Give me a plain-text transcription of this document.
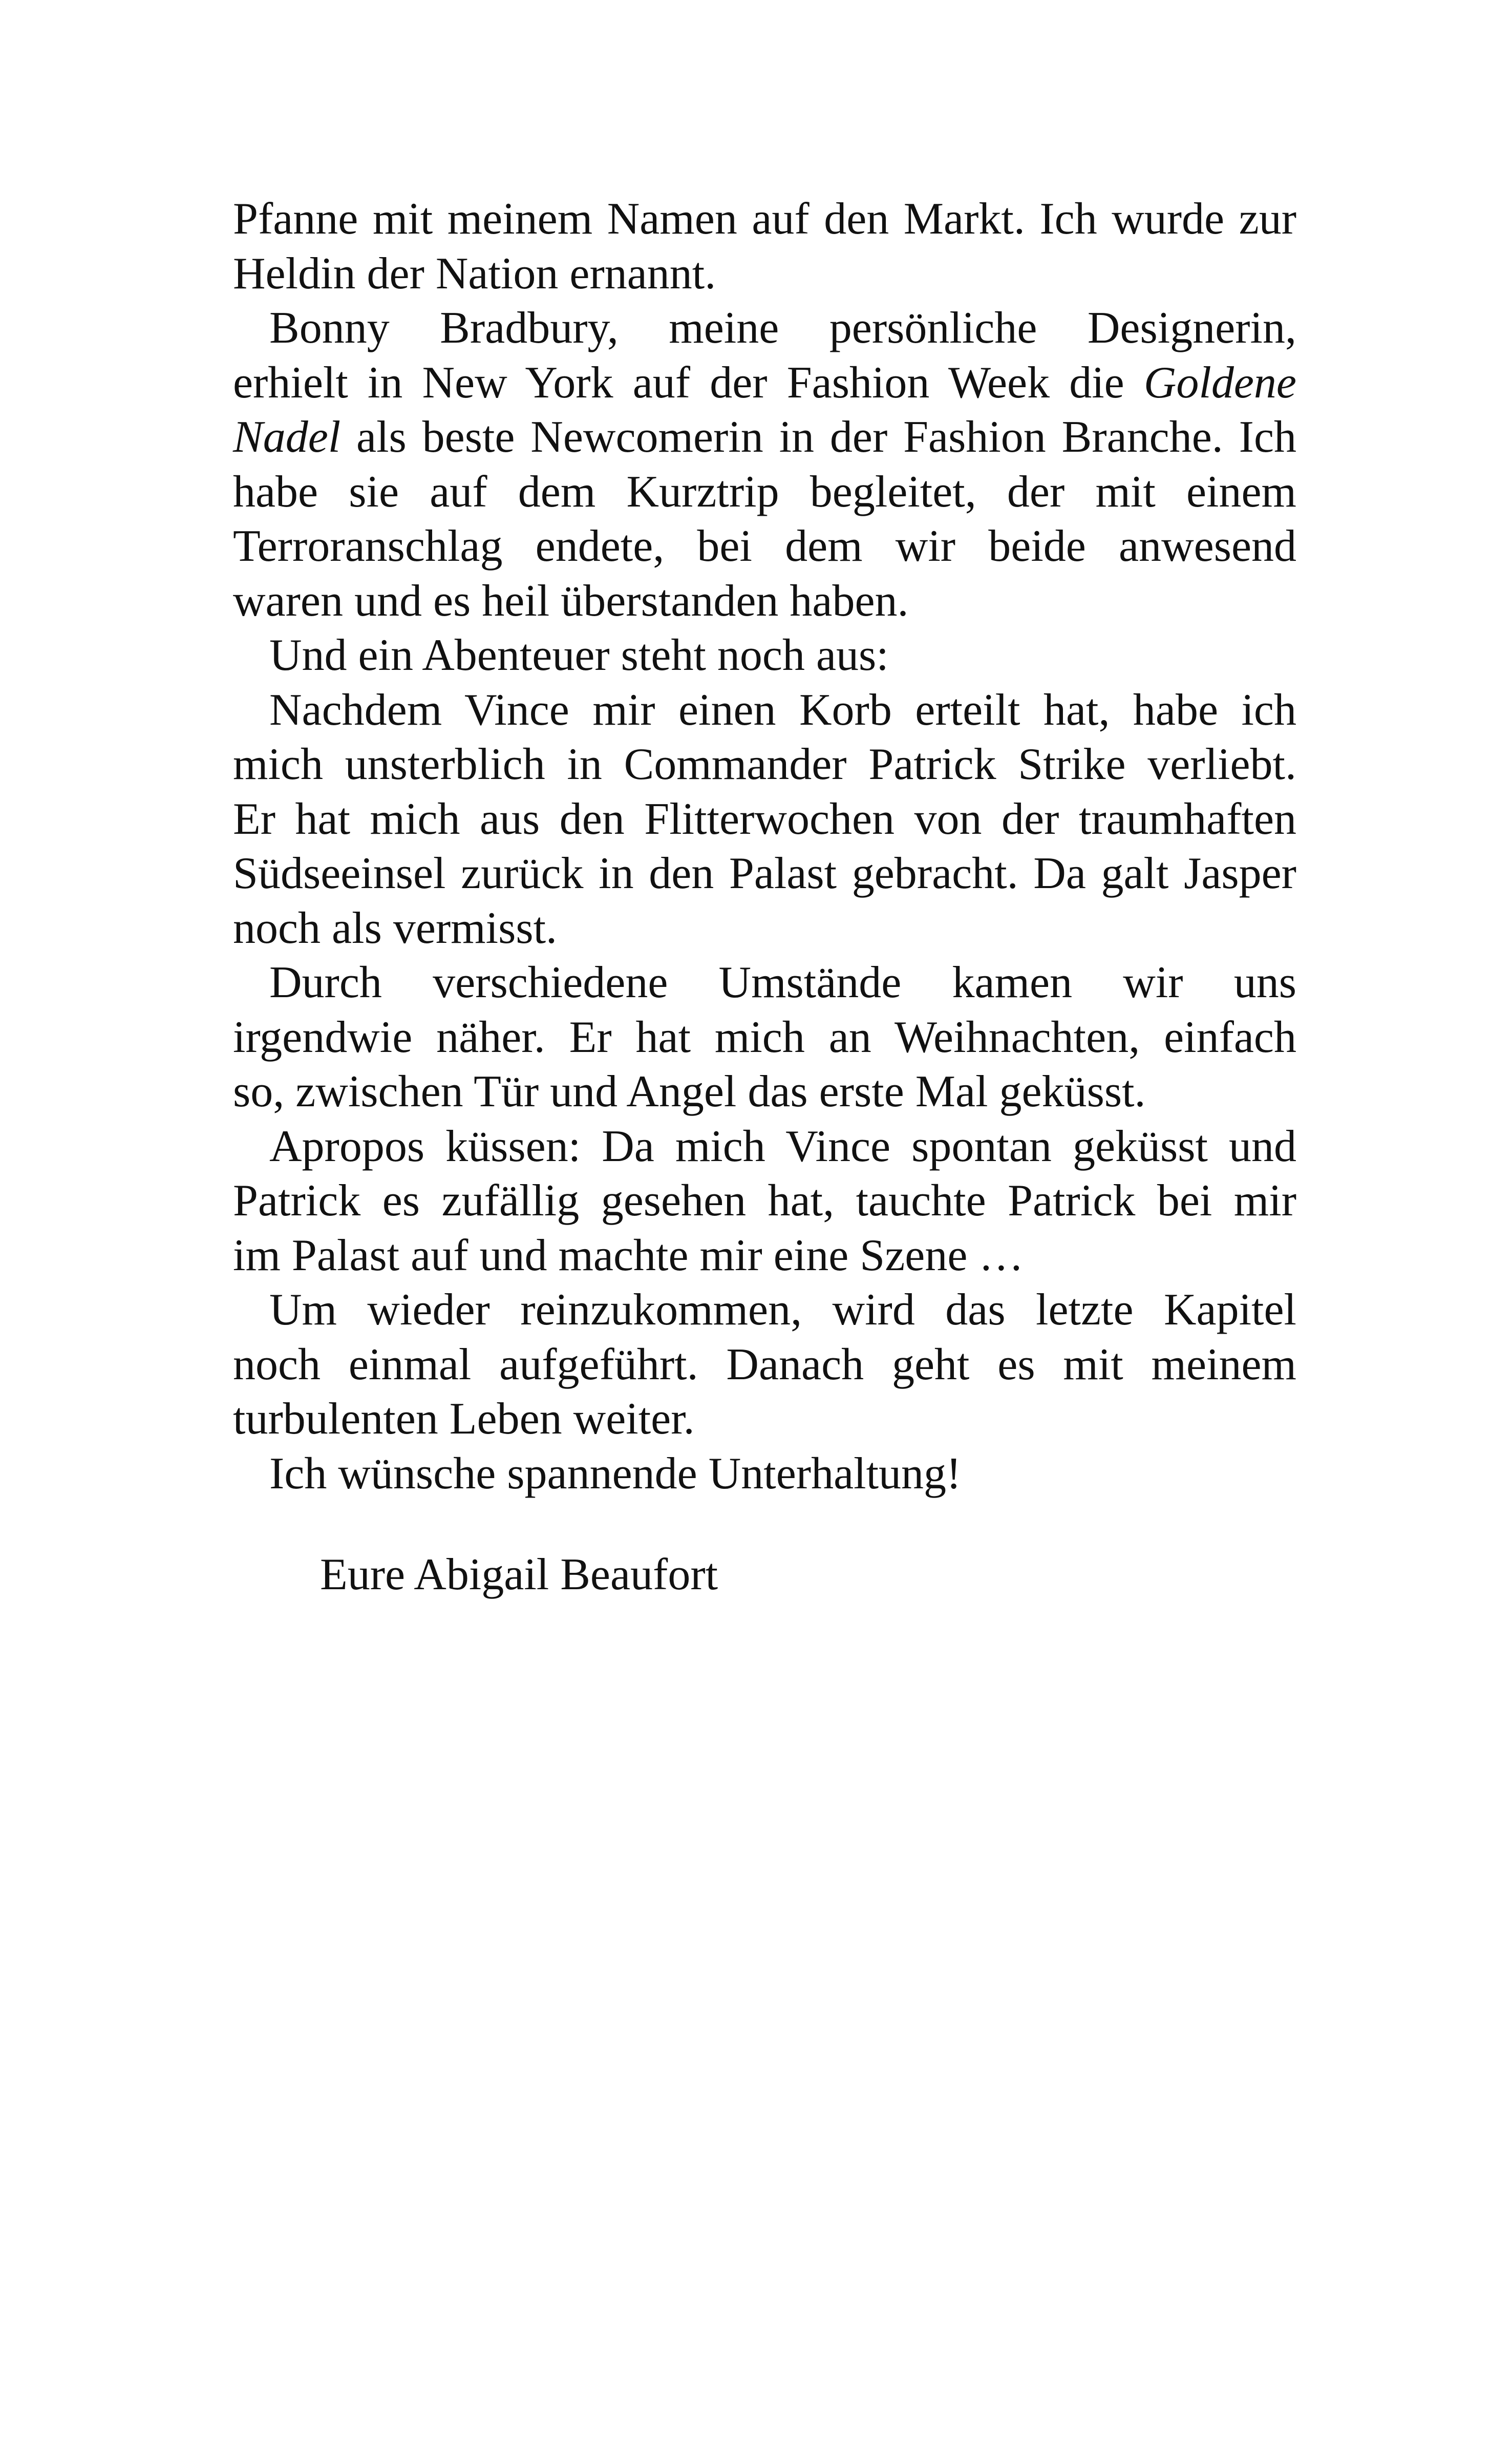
Pfanne mit meinem Namen auf den Markt. Ich wurde zur
Heldin der Nation ernannt.
Bonny Bradbury, meine persönliche Designerin,
erhielt in New York auf der Fashion Week die Goldene
Nadel als beste Newcomerin in der Fashion Branche. Ich
habe sie auf dem Kurztrip begleitet, der mit einem
Terroranschlag endete, bei dem wir beide anwesend
waren und es heil überstanden haben.
Und ein Abenteuer steht noch aus:
Nachdem Vince mir einen Korb erteilt hat, habe ich
mich unsterblich in Commander Patrick Strike verliebt.
Er hat mich aus den Flitterwochen von der traumhaften
Südseeinsel zurück in den Palast gebracht. Da galt Jasper
noch als vermisst.
Durch verschiedene Umstände kamen wir uns
irgendwie näher. Er hat mich an Weihnachten, einfach
so, zwischen Tür und Angel das erste Mal geküsst.
Apropos küssen: Da mich Vince spontan geküsst und
Patrick es zufällig gesehen hat, tauchte Patrick bei mir
im Palast auf und machte mir eine Szene …
Um wieder reinzukommen, wird das letzte Kapitel
noch einmal aufgeführt. Danach geht es mit meinem
turbulenten Leben weiter.
Ich wünsche spannende Unterhaltung!
Eure Abigail Beaufort
